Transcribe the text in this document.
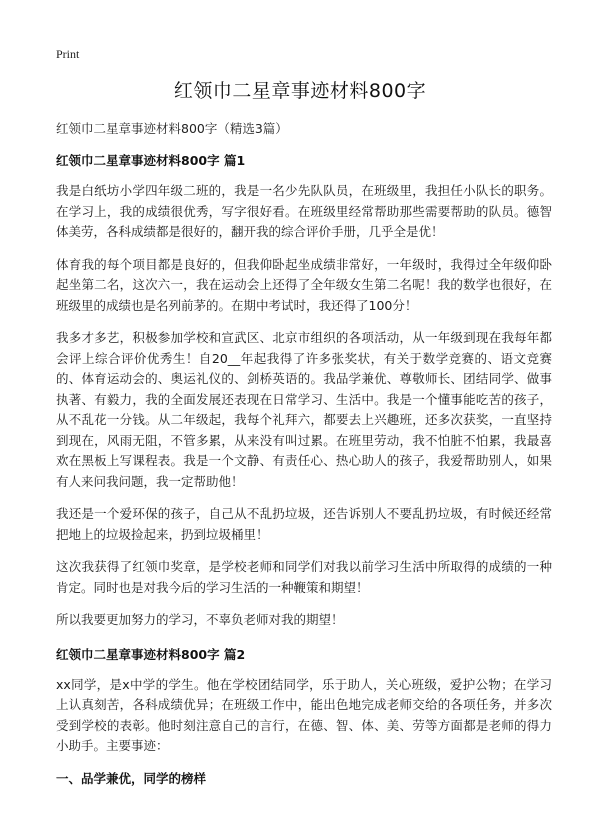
Print
红领巾二星章事迹材料800字

红领巾二星章事迹材料800字（精选3篇）

红领巾二星章事迹材料800字 篇1

我是白纸坊小学四年级二班的，我是一名少先队队员，在班级里，我担任小队长的职务。在学习上，我的成绩很优秀，写字很好看。在班级里经常帮助那些需要帮助的队员。德智体美劳，各科成绩都是很好的，翻开我的综合评价手册，几乎全是优！

体育我的每个项目都是良好的，但我仰卧起坐成绩非常好，一年级时，我得过全年级仰卧起坐第二名，这次六一，我在运动会上还得了全年级女生第二名呢！我的数学也很好，在班级里的成绩也是名列前茅的。在期中考试时，我还得了100分！

我多才多艺，积极参加学校和宣武区、北京市组织的各项活动，从一年级到现在我每年都会评上综合评价优秀生！自20__年起我得了许多张奖状，有关于数学竞赛的、语文竞赛的、体育运动会的、奥运礼仪的、剑桥英语的。我品学兼优、尊敬师长、团结同学、做事执著、有毅力，我的全面发展还表现在日常学习、生活中。我是一个懂事能吃苦的孩子，从不乱花一分钱。从二年级起，我每个礼拜六，都要去上兴趣班，还多次获奖，一直坚持到现在，风雨无阻，不管多累，从来没有叫过累。在班里劳动，我不怕脏不怕累，我最喜欢在黑板上写课程表。我是一个文静、有责任心、热心助人的孩子，我爱帮助别人，如果有人来问我问题，我一定帮助他！

我还是一个爱环保的孩子，自己从不乱扔垃圾，还告诉别人不要乱扔垃圾，有时候还经常把地上的垃圾捡起来，扔到垃圾桶里！

这次我获得了红领巾奖章，是学校老师和同学们对我以前学习生活中所取得的成绩的一种肯定。同时也是对我今后的学习生活的一种鞭策和期望！

所以我要更加努力的学习，不辜负老师对我的期望！

红领巾二星章事迹材料800字 篇2

xx同学，是x中学的学生。他在学校团结同学，乐于助人，关心班级，爱护公物；在学习上认真刻苦，各科成绩优异；在班级工作中，能出色地完成老师交给的各项任务，并多次受到学校的表彰。他时刻注意自己的言行，在德、智、体、美、劳等方面都是老师的得力小助手。主要事迹：

一、品学兼优，同学的榜样
